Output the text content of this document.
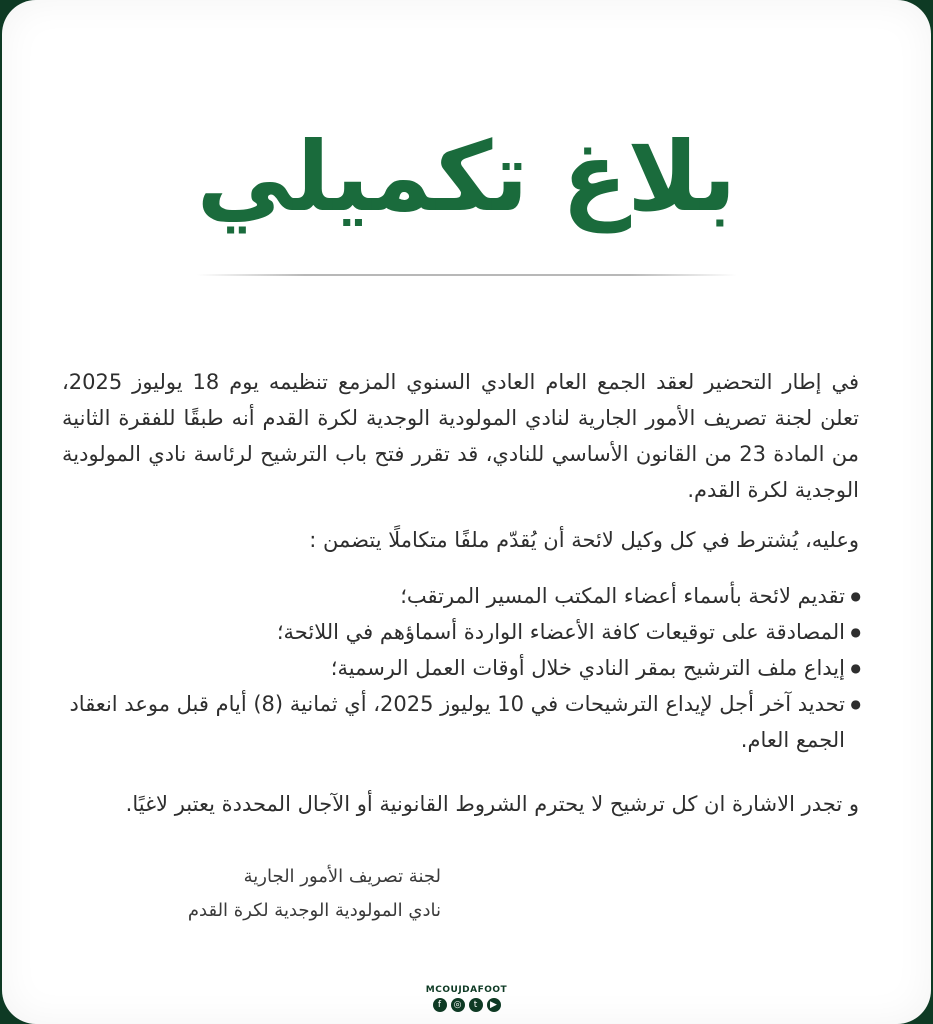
بلاغ تكميلي
في إطار التحضير لعقد الجمع العام العادي السنوي المزمع تنظيمه يوم 18 يوليوز 2025، تعلن لجنة تصريف الأمور الجارية لنادي المولودية الوجدية لكرة القدم أنه طبقًا للفقرة الثانية من المادة 23 من القانون الأساسي للنادي، قد تقرر فتح باب الترشيح لرئاسة نادي المولودية الوجدية لكرة القدم.
وعليه، يُشترط في كل وكيل لائحة أن يُقدّم ملفًا متكاملًا يتضمن :
● تقديم لائحة بأسماء أعضاء المكتب المسير المرتقب؛
● المصادقة على توقيعات كافة الأعضاء الواردة أسماؤهم في اللائحة؛
● إيداع ملف الترشيح بمقر النادي خلال أوقات العمل الرسمية؛
● تحديد آخر أجل لإيداع الترشيحات في 10 يوليوز 2025، أي ثمانية (8) أيام قبل موعد انعقاد الجمع العام.
و تجدر الاشارة ان كل ترشيح لا يحترم الشروط القانونية أو الآجال المحددة يعتبر لاغيًا.
لجنة تصريف الأمور الجارية
نادي المولودية الوجدية لكرة القدم
MCOUJDAFOOT
f	◎	t	▶
